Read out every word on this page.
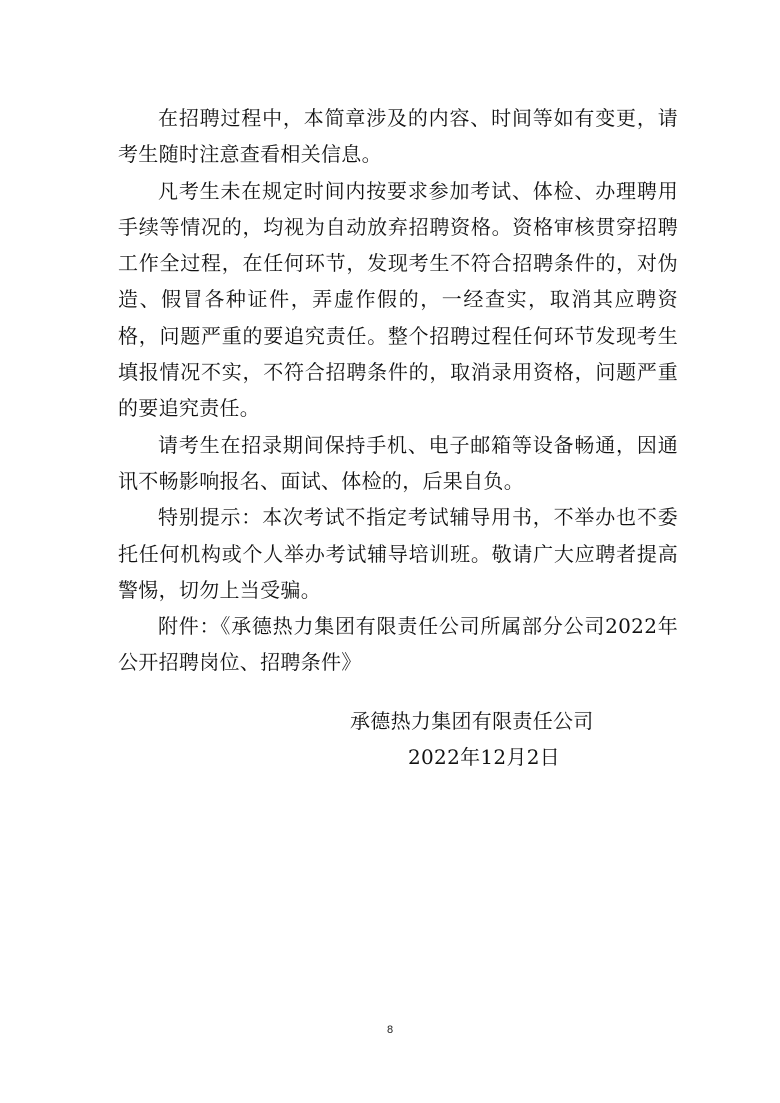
在招聘过程中，本简章涉及的内容、时间等如有变更，请考生随时注意查看相关信息。

凡考生未在规定时间内按要求参加考试、体检、办理聘用手续等情况的，均视为自动放弃招聘资格。资格审核贯穿招聘工作全过程，在任何环节，发现考生不符合招聘条件的，对伪造、假冒各种证件，弄虚作假的，一经查实，取消其应聘资格，问题严重的要追究责任。整个招聘过程任何环节发现考生填报情况不实，不符合招聘条件的，取消录用资格，问题严重的要追究责任。

请考生在招录期间保持手机、电子邮箱等设备畅通，因通讯不畅影响报名、面试、体检的，后果自负。

特别提示：本次考试不指定考试辅导用书，不举办也不委托任何机构或个人举办考试辅导培训班。敬请广大应聘者提高警惕，切勿上当受骗。

附件：《承德热力集团有限责任公司所属部分公司2022年公开招聘岗位、招聘条件》

承德热力集团有限责任公司

2022年12月2日

8
